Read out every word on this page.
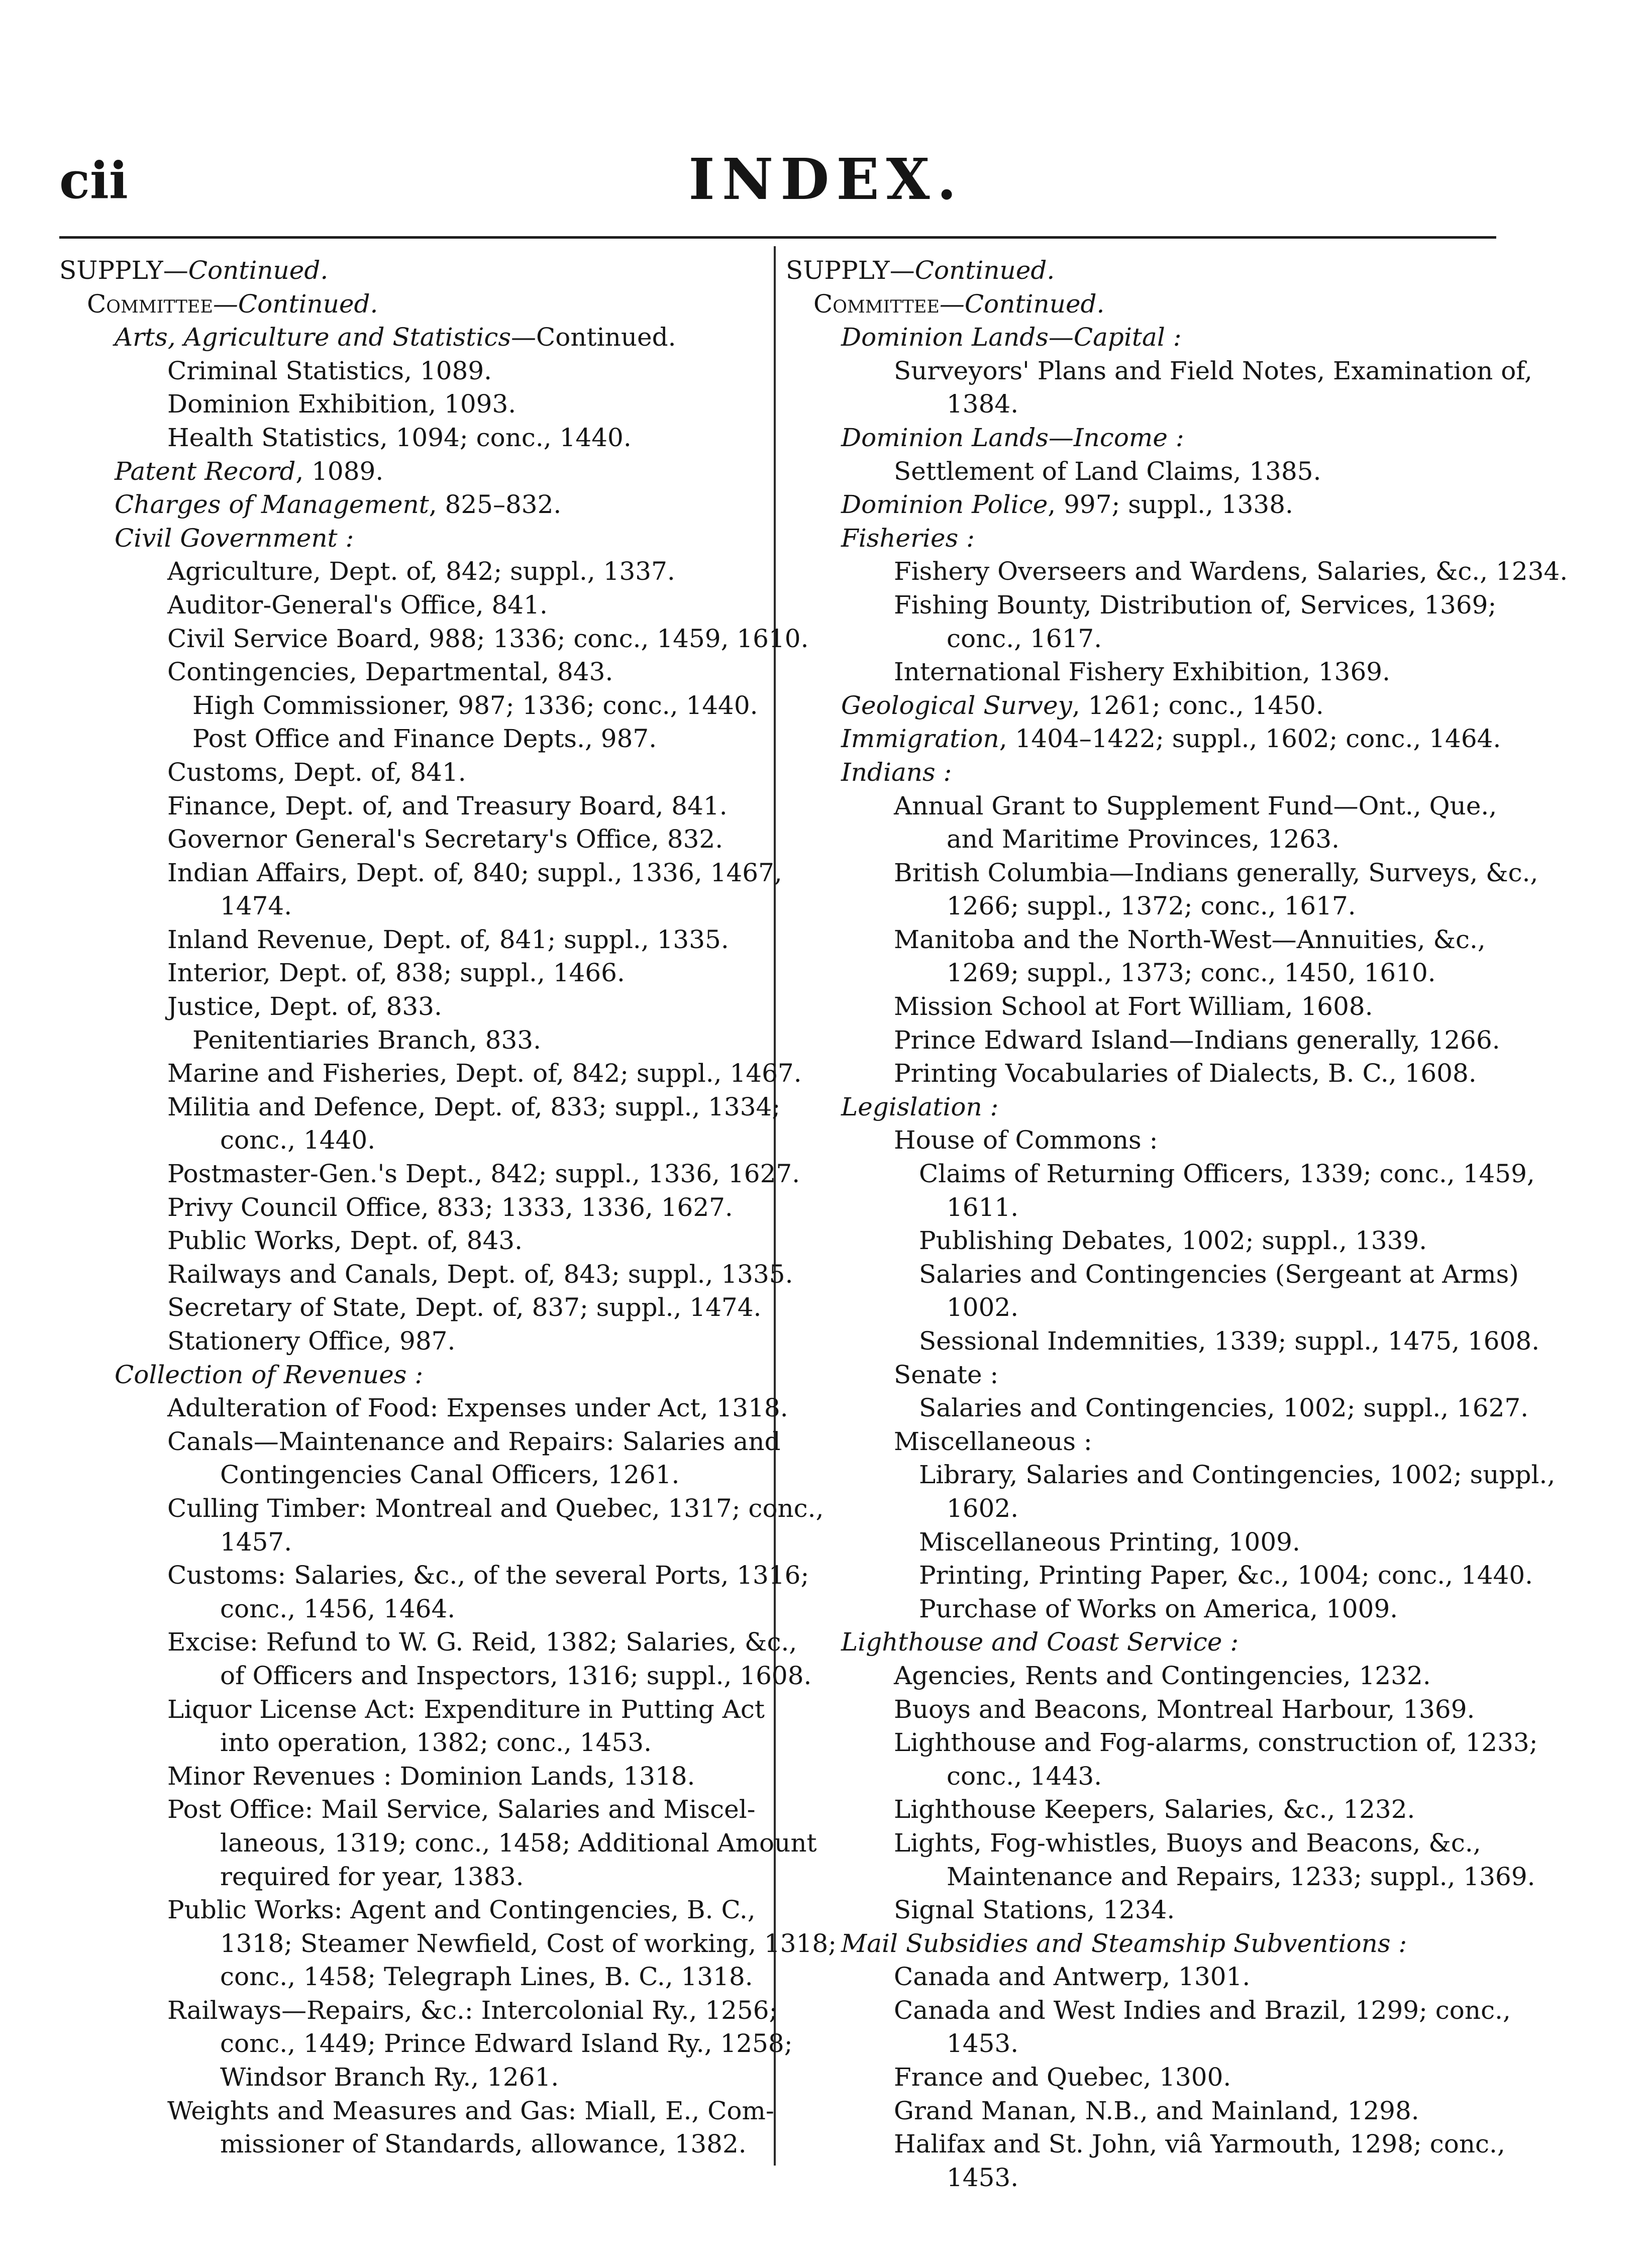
cii	INDEX.
SUPPLY—Continued.
Committee—Continued.
Arts, Agriculture and Statistics—Continued.
Criminal Statistics, 1089.
Dominion Exhibition, 1093.
Health Statistics, 1094; conc., 1440.
Patent Record, 1089.
Charges of Management, 825–832.
Civil Government :
Agriculture, Dept. of, 842; suppl., 1337.
Auditor-General's Office, 841.
Civil Service Board, 988; 1336; conc., 1459, 1610.
Contingencies, Departmental, 843.
High Commissioner, 987; 1336; conc., 1440.
Post Office and Finance Depts., 987.
Customs, Dept. of, 841.
Finance, Dept. of, and Treasury Board, 841.
Governor General's Secretary's Office, 832.
Indian Affairs, Dept. of, 840; suppl., 1336, 1467,
1474.
Inland Revenue, Dept. of, 841; suppl., 1335.
Interior, Dept. of, 838; suppl., 1466.
Justice, Dept. of, 833.
Penitentiaries Branch, 833.
Marine and Fisheries, Dept. of, 842; suppl., 1467.
Militia and Defence, Dept. of, 833; suppl., 1334;
conc., 1440.
Postmaster-Gen.'s Dept., 842; suppl., 1336, 1627.
Privy Council Office, 833; 1333, 1336, 1627.
Public Works, Dept. of, 843.
Railways and Canals, Dept. of, 843; suppl., 1335.
Secretary of State, Dept. of, 837; suppl., 1474.
Stationery Office, 987.
Collection of Revenues :
Adulteration of Food: Expenses under Act, 1318.
Canals—Maintenance and Repairs: Salaries and
Contingencies Canal Officers, 1261.
Culling Timber: Montreal and Quebec, 1317; conc.,
1457.
Customs: Salaries, &c., of the several Ports, 1316;
conc., 1456, 1464.
Excise: Refund to W. G. Reid, 1382; Salaries, &c.,
of Officers and Inspectors, 1316; suppl., 1608.
Liquor License Act: Expenditure in Putting Act
into operation, 1382; conc., 1453.
Minor Revenues : Dominion Lands, 1318.
Post Office: Mail Service, Salaries and Miscel-
laneous, 1319; conc., 1458; Additional Amount
required for year, 1383.
Public Works: Agent and Contingencies, B. C.,
1318; Steamer Newfield, Cost of working, 1318;
conc., 1458; Telegraph Lines, B. C., 1318.
Railways—Repairs, &c.: Intercolonial Ry., 1256;
conc., 1449; Prince Edward Island Ry., 1258;
Windsor Branch Ry., 1261.
Weights and Measures and Gas: Miall, E., Com-
missioner of Standards, allowance, 1382.
SUPPLY—Continued.
Committee—Continued.
Dominion Lands—Capital :
Surveyors' Plans and Field Notes, Examination of,
1384.
Dominion Lands—Income :
Settlement of Land Claims, 1385.
Dominion Police, 997; suppl., 1338.
Fisheries :
Fishery Overseers and Wardens, Salaries, &c., 1234.
Fishing Bounty, Distribution of, Services, 1369;
conc., 1617.
International Fishery Exhibition, 1369.
Geological Survey, 1261; conc., 1450.
Immigration, 1404–1422; suppl., 1602; conc., 1464.
Indians :
Annual Grant to Supplement Fund—Ont., Que.,
and Maritime Provinces, 1263.
British Columbia—Indians generally, Surveys, &c.,
1266; suppl., 1372; conc., 1617.
Manitoba and the North-West—Annuities, &c.,
1269; suppl., 1373; conc., 1450, 1610.
Mission School at Fort William, 1608.
Prince Edward Island—Indians generally, 1266.
Printing Vocabularies of Dialects, B. C., 1608.
Legislation :
House of Commons :
Claims of Returning Officers, 1339; conc., 1459,
1611.
Publishing Debates, 1002; suppl., 1339.
Salaries and Contingencies (Sergeant at Arms)
1002.
Sessional Indemnities, 1339; suppl., 1475, 1608.
Senate :
Salaries and Contingencies, 1002; suppl., 1627.
Miscellaneous :
Library, Salaries and Contingencies, 1002; suppl.,
1602.
Miscellaneous Printing, 1009.
Printing, Printing Paper, &c., 1004; conc., 1440.
Purchase of Works on America, 1009.
Lighthouse and Coast Service :
Agencies, Rents and Contingencies, 1232.
Buoys and Beacons, Montreal Harbour, 1369.
Lighthouse and Fog-alarms, construction of, 1233;
conc., 1443.
Lighthouse Keepers, Salaries, &c., 1232.
Lights, Fog-whistles, Buoys and Beacons, &c.,
Maintenance and Repairs, 1233; suppl., 1369.
Signal Stations, 1234.
Mail Subsidies and Steamship Subventions :
Canada and Antwerp, 1301.
Canada and West Indies and Brazil, 1299; conc.,
1453.
France and Quebec, 1300.
Grand Manan, N.B., and Mainland, 1298.
Halifax and St. John, viâ Yarmouth, 1298; conc.,
1453.
